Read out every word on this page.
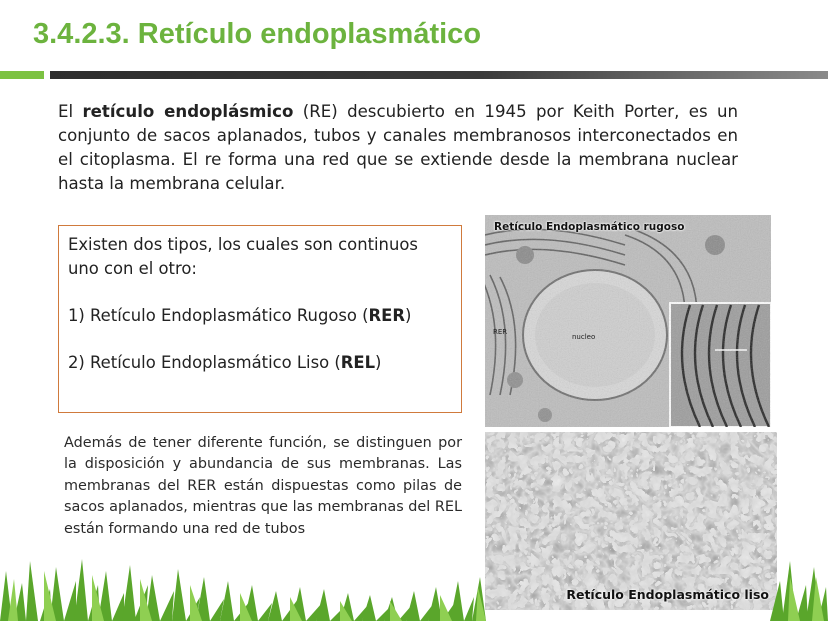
3.4.2.3. Retículo endoplasmático

El retículo endoplásmico (RE) descubierto en 1945 por Keith Porter, es un conjunto de sacos aplanados, tubos y canales membranosos interconectados en el citoplasma. El re forma una red que se extiende desde la membrana nuclear hasta la membrana celular.

Existen dos tipos, los cuales son continuos uno con el otro:

1) Retículo Endoplasmático Rugoso (RER)

2) Retículo Endoplasmático Liso (REL)

Además de tener diferente función, se distinguen por la disposición y abundancia de sus membranas. Las membranas del RER están dispuestas como pilas de sacos aplanados, mientras que las membranas del REL están formando una red de tubos

Retículo Endoplasmático rugoso
RER
nucleo
Retículo Endoplasmático liso
